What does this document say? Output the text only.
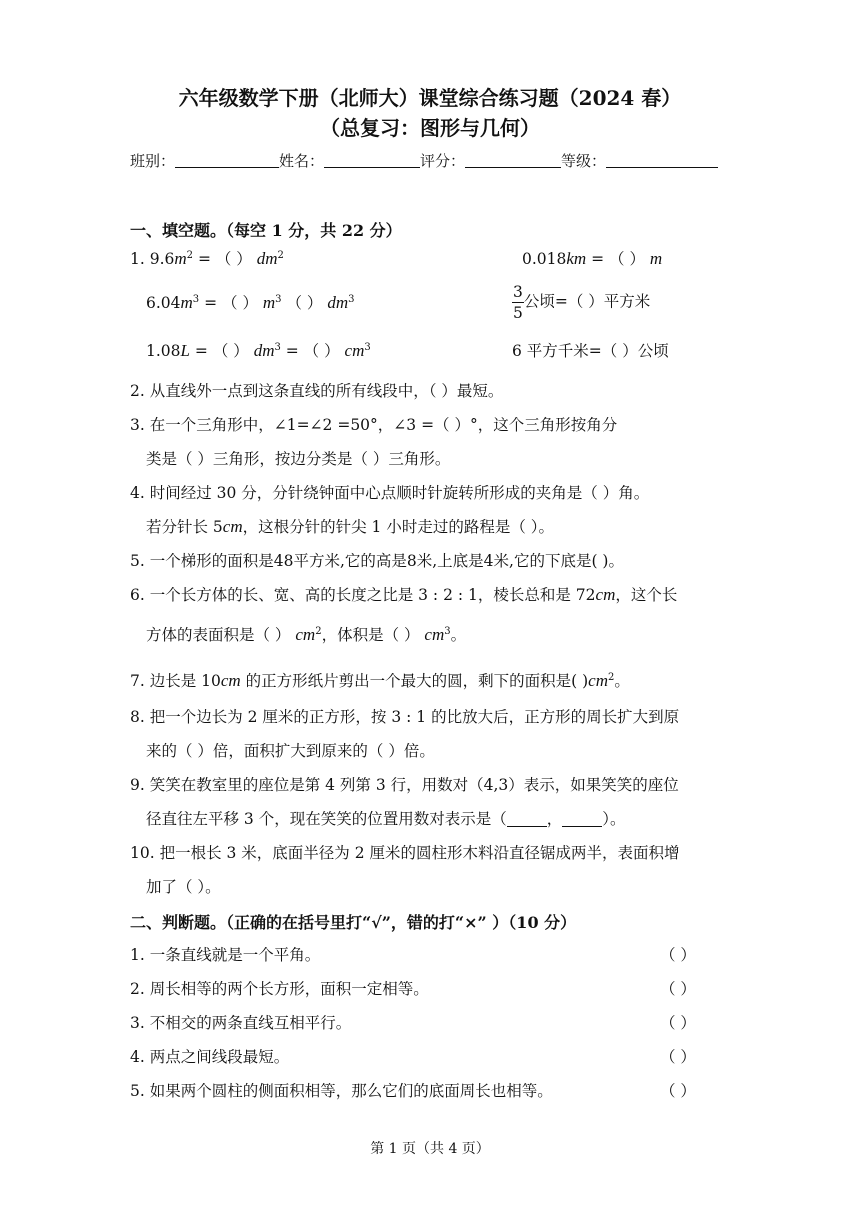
六年级数学下册（北师大）课堂综合练习题（2024 春）
（总复习：图形与几何）
班别：	姓名：	评分：	等级：
一、填空题。（每空 1 分，共 22 分）
1. $9.6m^2$ = （ ） $dm^2$	0.018km = （ ） m
$6.04m^3$ = （ ） $m^3$ （ ） $dm^3$	$\frac{3}{5}$ 公顷=（ ）平方米
1.08L = （ ） $dm^3$ = （ ） $cm^3$	6 平方千米=（ ）公顷
2. 从直线外一点到这条直线的所有线段中，（ ）最短。
3. 在一个三角形中，∠1=∠2 =50°，∠3 =（ ）°，这个三角形按角分
类是（ ）三角形，按边分类是（ ）三角形。
4. 时间经过 30 分，分针绕钟面中心点顺时针旋转所形成的夹角是（ ）角。
若分针长 5cm，这根分针的针尖 1 小时走过的路程是（ ）。
5. 一个梯形的面积是48平方米,它的高是8米,上底是4米,它的下底是( )。
6. 一个长方体的长、宽、高的长度之比是 3 : 2 : 1，棱长总和是 72cm，这个长
方体的表面积是（ ） $cm^2$，体积是（ ） $cm^3$。
7. 边长是 10cm 的正方形纸片剪出一个最大的圆，剩下的面积是( )$cm^2$。
8. 把一个边长为 2 厘米的正方形，按 3 : 1 的比放大后，正方形的周长扩大到原
来的（ ）倍，面积扩大到原来的（ ）倍。
9. 笑笑在教室里的座位是第 4 列第 3 行，用数对（4,3）表示，如果笑笑的座位
径直往左平移 3 个，现在笑笑的位置用数对表示是（	，	）。
10. 把一根长 3 米，底面半径为 2 厘米的圆柱形木料沿直径锯成两半，表面积增
加了（ ）。
二、判断题。（正确的在括号里打“√”，错的打“×” ）（10 分）
1. 一条直线就是一个平角。	（ ）
2. 周长相等的两个长方形，面积一定相等。	（ ）
3. 不相交的两条直线互相平行。	（ ）
4. 两点之间线段最短。	（ ）
5. 如果两个圆柱的侧面积相等，那么它们的底面周长也相等。	（ ）
第 1 页（共 4 页）
